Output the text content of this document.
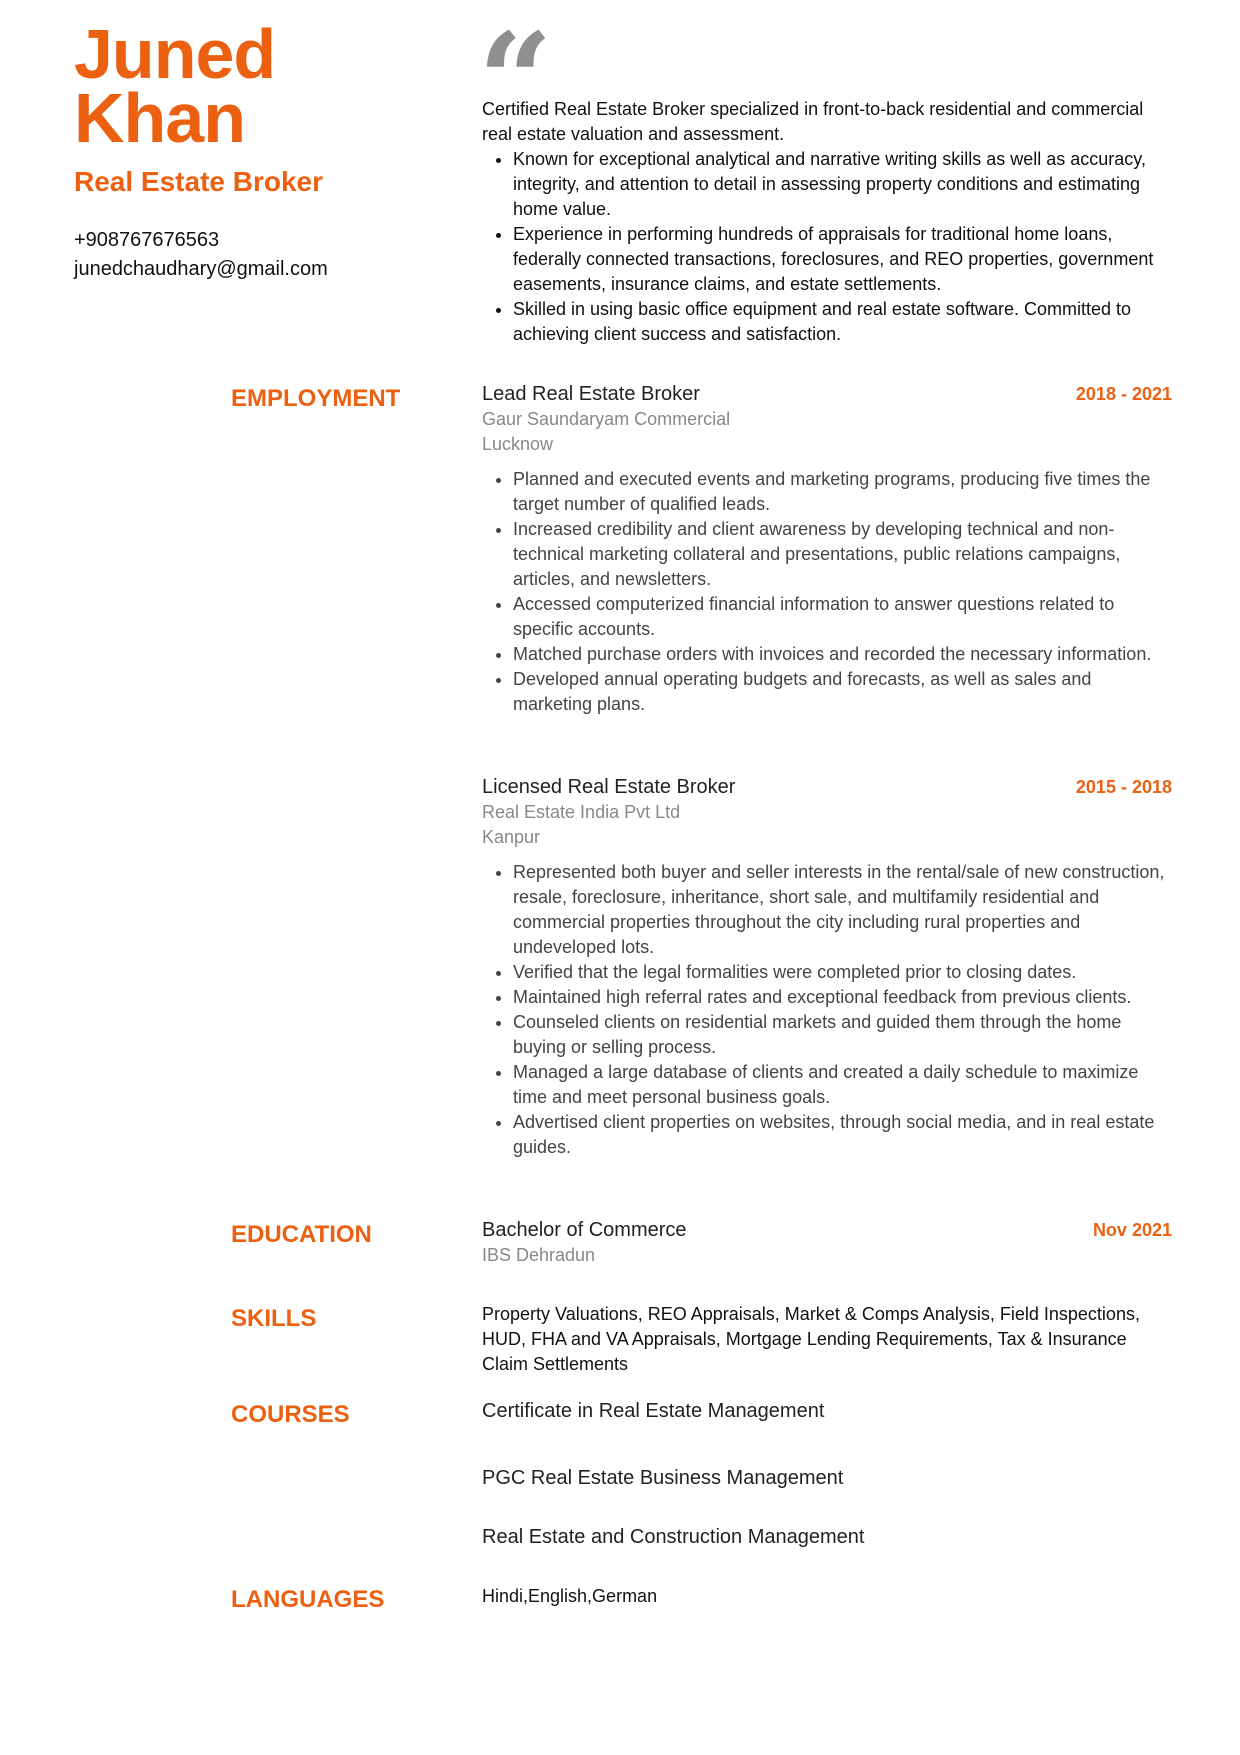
Juned
Khan
Real Estate Broker
+908767676563
junedchaudhary@gmail.com
“
Certified Real Estate Broker specialized in front-to-back residential and commercial real estate valuation and assessment.
• Known for exceptional analytical and narrative writing skills as well as accuracy, integrity, and attention to detail in assessing property conditions and estimating home value.
• Experience in performing hundreds of appraisals for traditional home loans, federally connected transactions, foreclosures, and REO properties, government easements, insurance claims, and estate settlements.
• Skilled in using basic office equipment and real estate software. Committed to achieving client success and satisfaction.
EMPLOYMENT	Lead Real Estate Broker	2018 - 2021
Gaur Saundaryam Commercial
Lucknow
• Planned and executed events and marketing programs, producing five times the target number of qualified leads.
• Increased credibility and client awareness by developing technical and non-technical marketing collateral and presentations, public relations campaigns, articles, and newsletters.
• Accessed computerized financial information to answer questions related to specific accounts.
• Matched purchase orders with invoices and recorded the necessary information.
• Developed annual operating budgets and forecasts, as well as sales and marketing plans.
Licensed Real Estate Broker	2015 - 2018
Real Estate India Pvt Ltd
Kanpur
• Represented both buyer and seller interests in the rental/sale of new construction, resale, foreclosure, inheritance, short sale, and multifamily residential and commercial properties throughout the city including rural properties and undeveloped lots.
• Verified that the legal formalities were completed prior to closing dates.
• Maintained high referral rates and exceptional feedback from previous clients.
• Counseled clients on residential markets and guided them through the home buying or selling process.
• Managed a large database of clients and created a daily schedule to maximize time and meet personal business goals.
• Advertised client properties on websites, through social media, and in real estate guides.
EDUCATION	Bachelor of Commerce	Nov 2021
IBS Dehradun
SKILLS	Property Valuations, REO Appraisals, Market & Comps Analysis, Field Inspections, HUD, FHA and VA Appraisals, Mortgage Lending Requirements, Tax & Insurance Claim Settlements
COURSES	Certificate in Real Estate Management
PGC Real Estate Business Management
Real Estate and Construction Management
LANGUAGES	Hindi,English,German
